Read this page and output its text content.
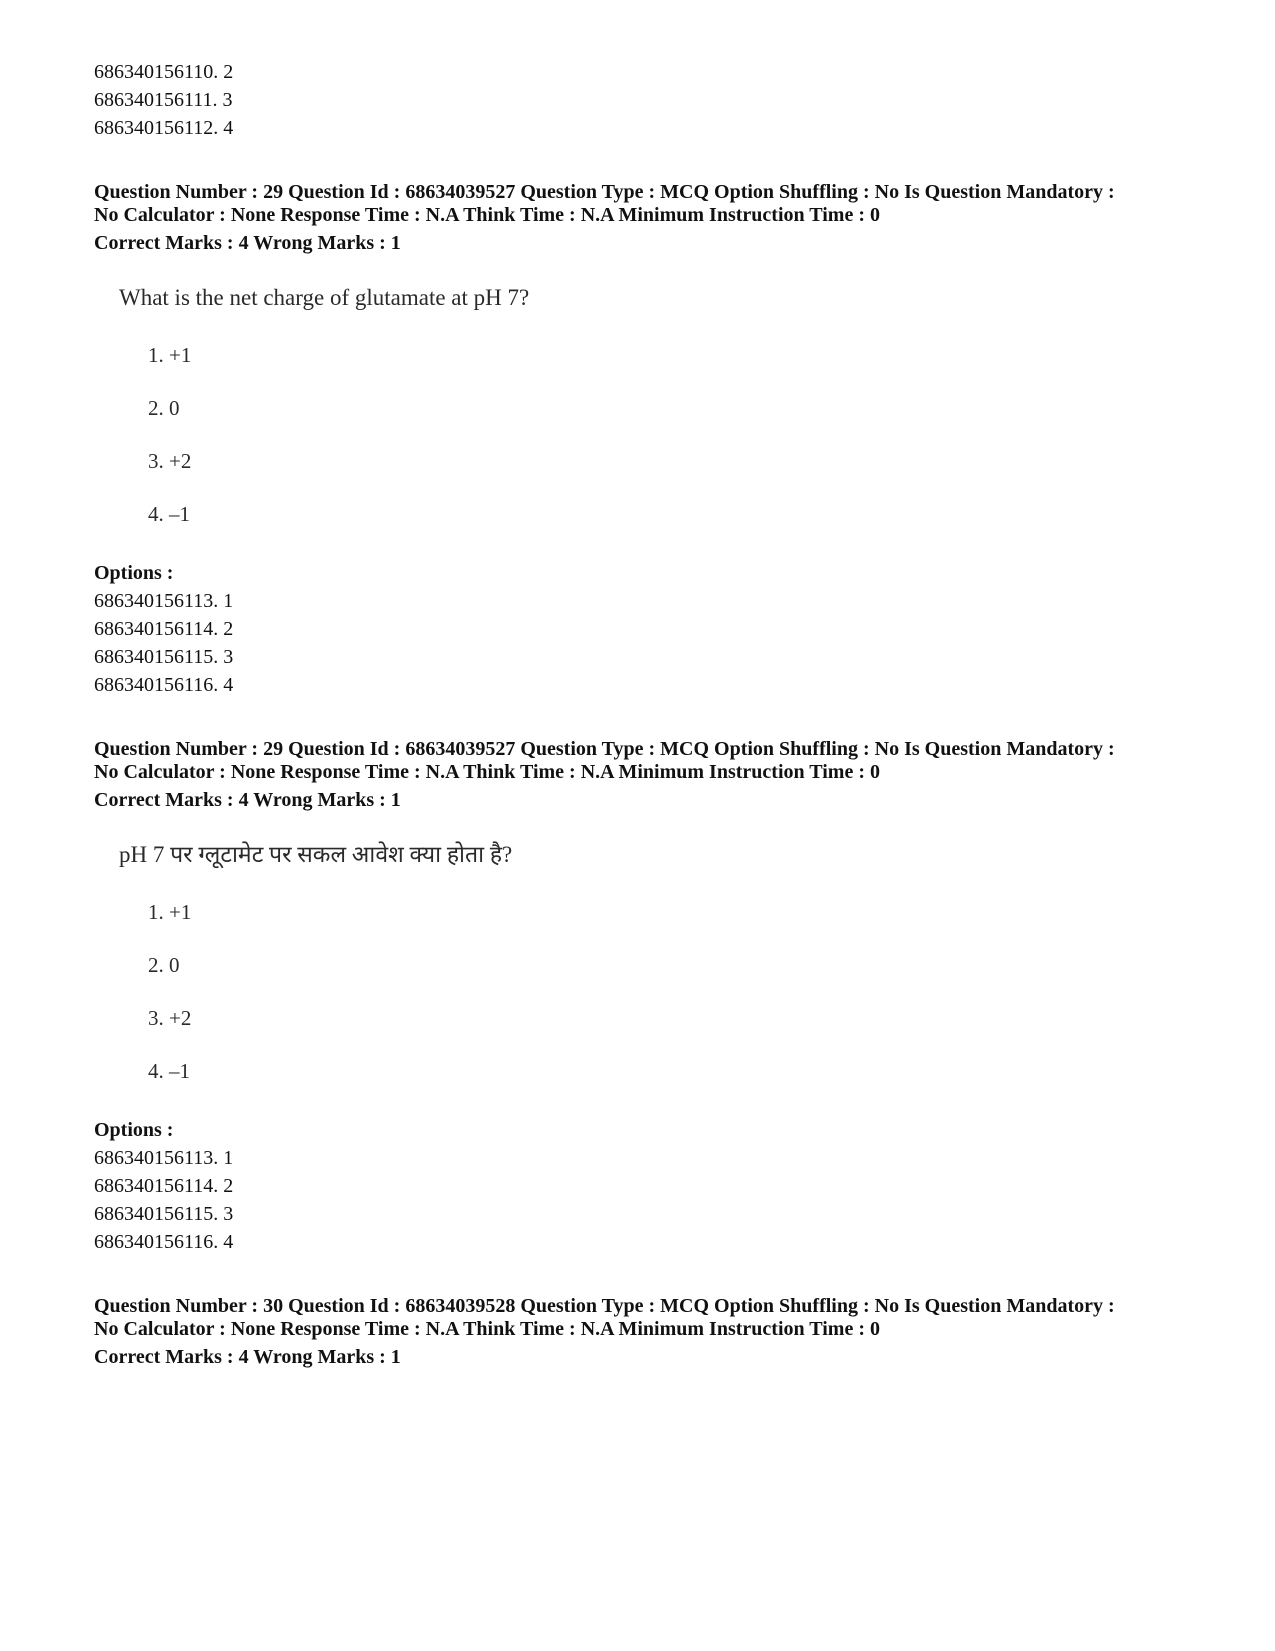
686340156110. 2
686340156111. 3
686340156112. 4
Question Number : 29 Question Id : 68634039527 Question Type : MCQ Option Shuffling : No Is Question Mandatory :
No Calculator : None Response Time : N.A Think Time : N.A Minimum Instruction Time : 0
Correct Marks : 4 Wrong Marks : 1
What is the net charge of glutamate at pH 7?
1. +1
2. 0
3. +2
4. –1
Options :
686340156113. 1
686340156114. 2
686340156115. 3
686340156116. 4
Question Number : 29 Question Id : 68634039527 Question Type : MCQ Option Shuffling : No Is Question Mandatory :
No Calculator : None Response Time : N.A Think Time : N.A Minimum Instruction Time : 0
Correct Marks : 4 Wrong Marks : 1
pH 7 पर ग्लूटामेट पर सकल आवेश क्या होता है?
1. +1
2. 0
3. +2
4. –1
Options :
686340156113. 1
686340156114. 2
686340156115. 3
686340156116. 4
Question Number : 30 Question Id : 68634039528 Question Type : MCQ Option Shuffling : No Is Question Mandatory :
No Calculator : None Response Time : N.A Think Time : N.A Minimum Instruction Time : 0
Correct Marks : 4 Wrong Marks : 1
